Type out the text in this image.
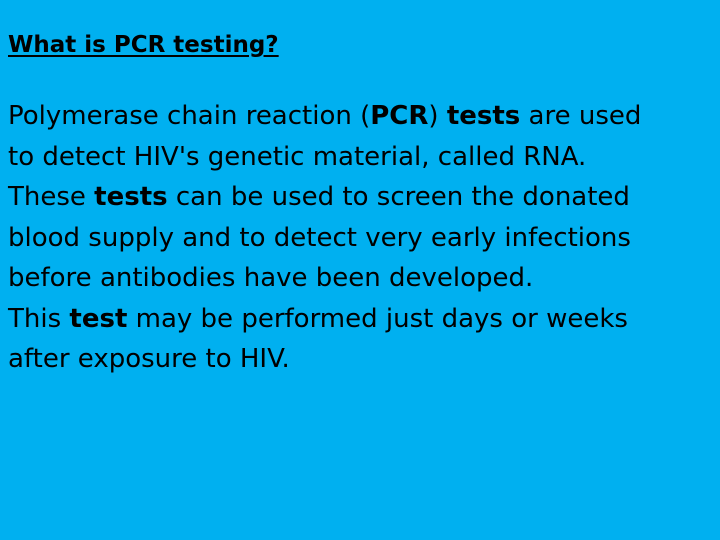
What is PCR testing?
Polymerase chain reaction (PCR) tests are used
to detect HIV's genetic material, called RNA.
These tests can be used to screen the donated
blood supply and to detect very early infections
before antibodies have been developed.
This test may be performed just days or weeks
after exposure to HIV.
